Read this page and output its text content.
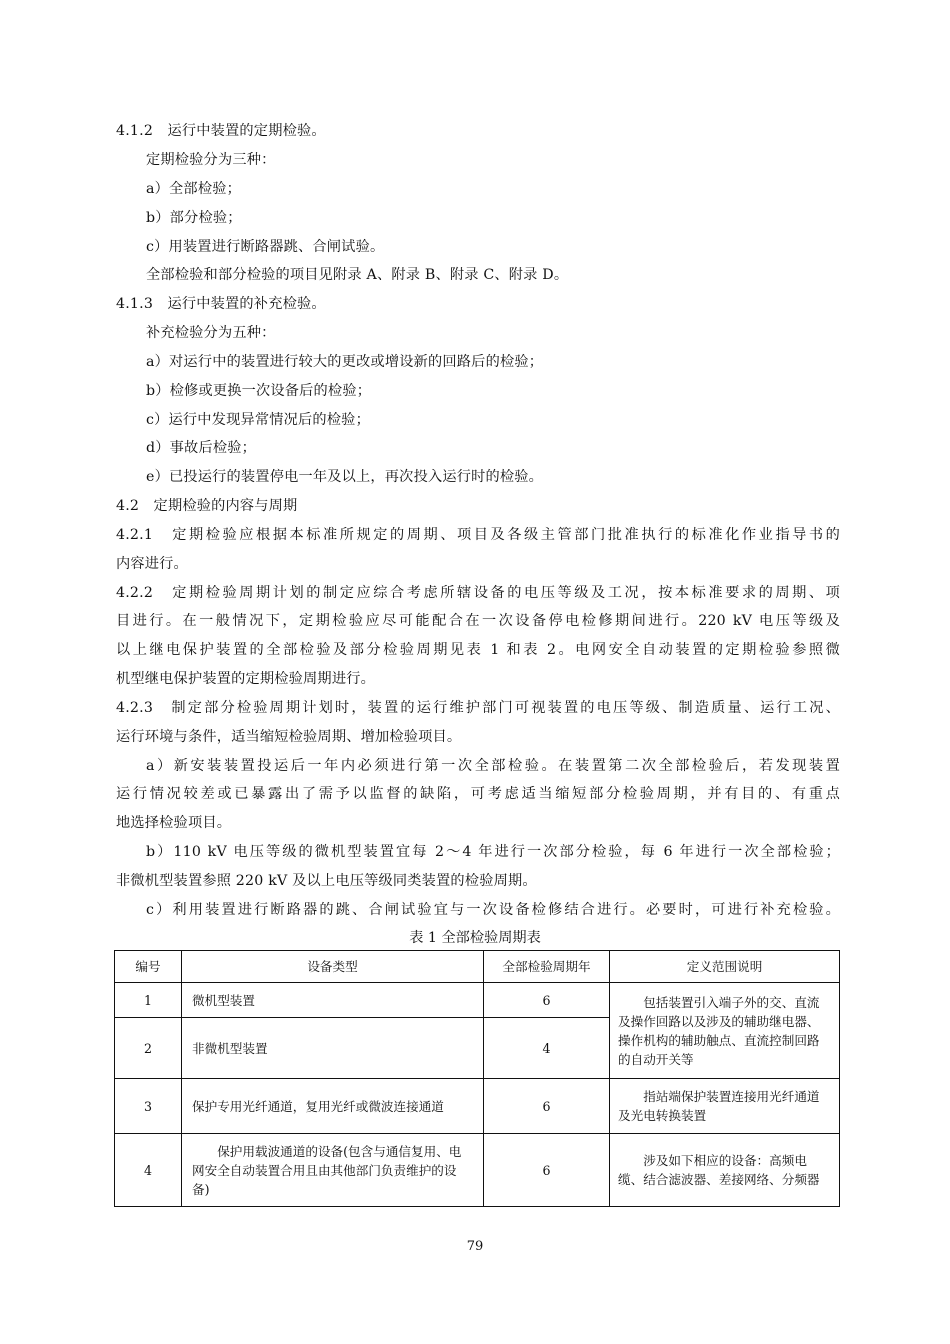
4.1.2　运行中装置的定期检验。
定期检验分为三种：
a）全部检验；
b）部分检验；
c）用装置进行断路器跳、合闸试验。
全部检验和部分检验的项目见附录 A、附录 B、附录 C、附录 D。
4.1.3　运行中装置的补充检验。
补充检验分为五种：
a）对运行中的装置进行较大的更改或增设新的回路后的检验；
b）检修或更换一次设备后的检验；
c）运行中发现异常情况后的检验；
d）事故后检验；
e）已投运行的装置停电一年及以上，再次投入运行时的检验。
4.2　定期检验的内容与周期
4.2.1　定期检验应根据本标准所规定的周期、项目及各级主管部门批准执行的标准化作业指导书的
内容进行。
4.2.2　定期检验周期计划的制定应综合考虑所辖设备的电压等级及工况，按本标准要求的周期、项
目进行。在一般情况下，定期检验应尽可能配合在一次设备停电检修期间进行。220 kV 电压等级及
以上继电保护装置的全部检验及部分检验周期见表 1 和表 2。电网安全自动装置的定期检验参照微
机型继电保护装置的定期检验周期进行。
4.2.3　制定部分检验周期计划时，装置的运行维护部门可视装置的电压等级、制造质量、运行工况、
运行环境与条件，适当缩短检验周期、增加检验项目。
a）新安装装置投运后一年内必须进行第一次全部检验。在装置第二次全部检验后，若发现装置
运行情况较差或已暴露出了需予以监督的缺陷，可考虑适当缩短部分检验周期，并有目的、有重点
地选择检验项目。
b）110 kV 电压等级的微机型装置宜每 2～4 年进行一次部分检验，每 6 年进行一次全部检验；
非微机型装置参照 220 kV 及以上电压等级同类装置的检验周期。
c）利用装置进行断路器的跳、合闸试验宜与一次设备检修结合进行。必要时，可进行补充检验。
表 1 全部检验周期表
编号	设备类型	全部检验周期年	定义范围说明
1	微机型装置	6	包括装置引入端子外的交、直流及操作回路以及涉及的辅助继电器、操作机构的辅助触点、直流控制回路的自动开关等

2	非微机型装置	4	
3	保护专用光纤通道，复用光纤或微波连接通道	6	指站端保护装置连接用光纤通道及光电转换装置

4	保护用载波通道的设备(包含与通信复用、电网安全自动装置合用且由其他部门负责维护的设备)	6	涉及如下相应的设备：高频电缆、结合滤波器、差接网络、分频器
79
